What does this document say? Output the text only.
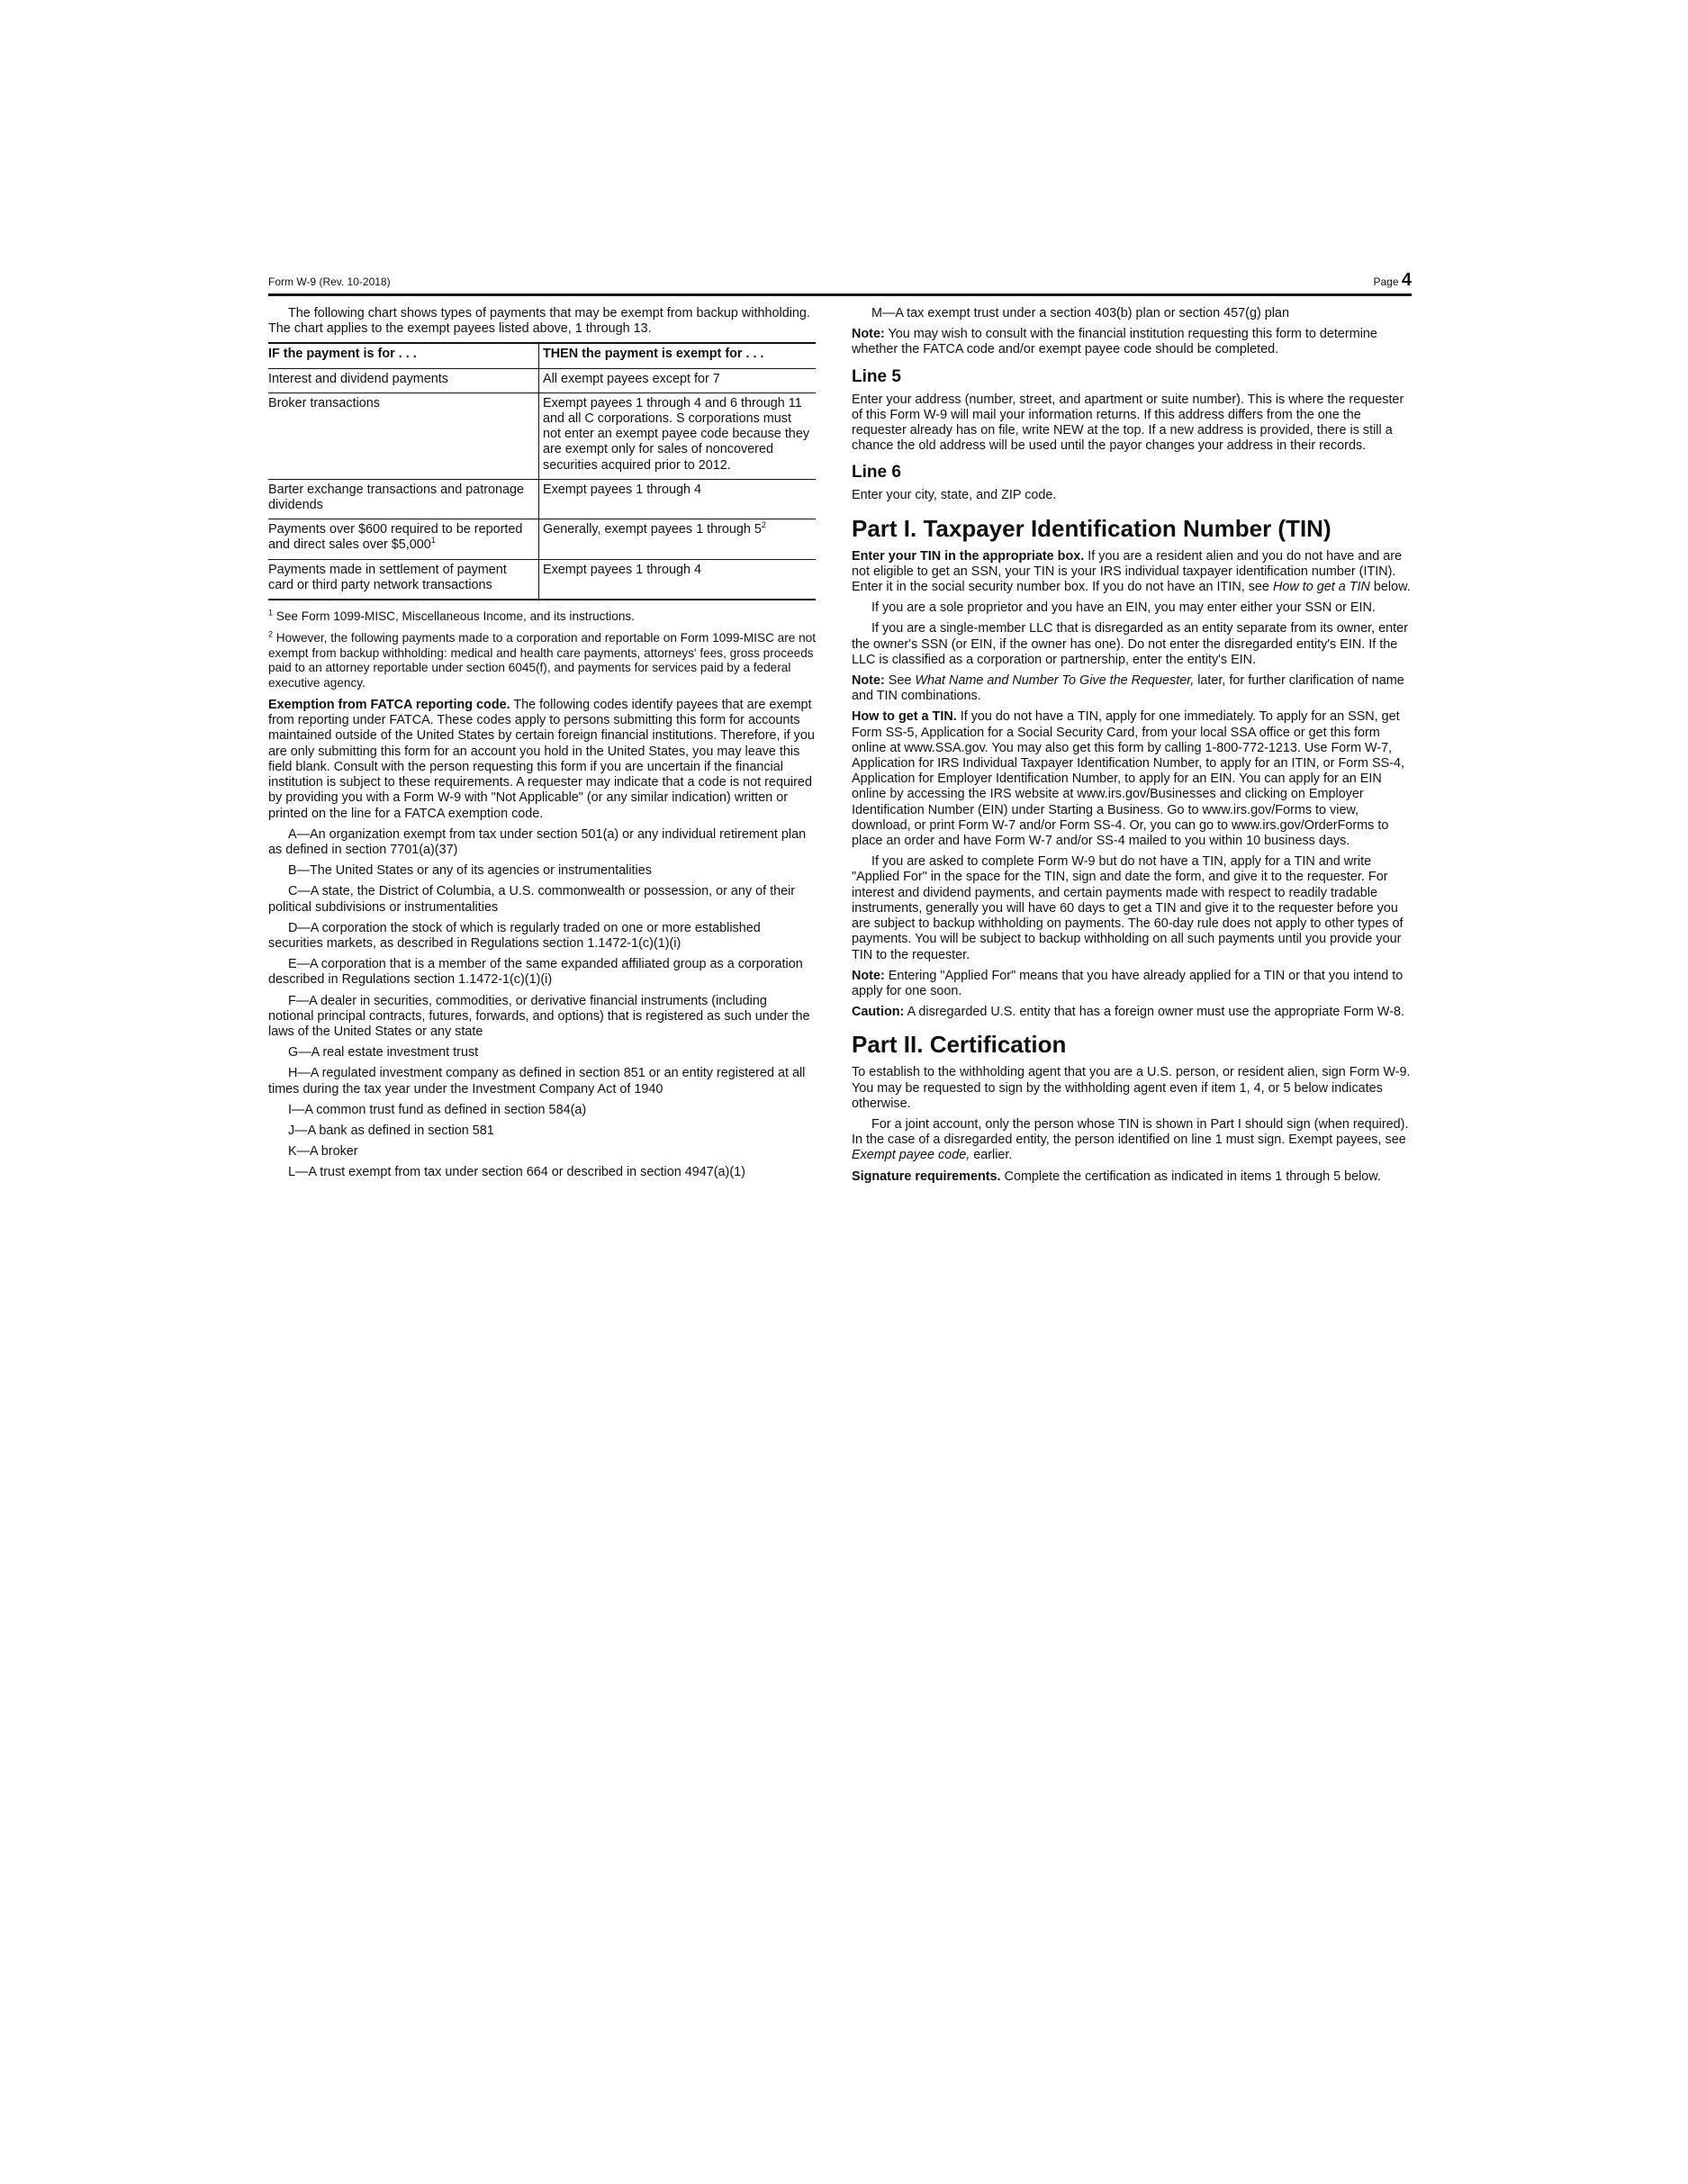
Form W-9 (Rev. 10-2018)	Page 4

The following chart shows types of payments that may be exempt from backup withholding. The chart applies to the exempt payees listed above, 1 through 13.

IF the payment is for . . .	THEN the payment is exempt for . . .
Interest and dividend payments	All exempt payees except for 7
Broker transactions	Exempt payees 1 through 4 and 6 through 11 and all C corporations. S corporations must not enter an exempt payee code because they are exempt only for sales of noncovered securities acquired prior to 2012.
Barter exchange transactions and patronage dividends	Exempt payees 1 through 4
Payments over $600 required to be reported and direct sales over $5,000$^1$	Generally, exempt payees 1 through $5^2$
Payments made in settlement of payment card or third party network transactions	Exempt payees 1 through 4

$^1$ See Form 1099-MISC, Miscellaneous Income, and its instructions.

$^2$ However, the following payments made to a corporation and reportable on Form 1099-MISC are not exempt from backup withholding: medical and health care payments, attorneys' fees, gross proceeds paid to an attorney reportable under section 6045(f), and payments for services paid by a federal executive agency.

Exemption from FATCA reporting code. The following codes identify payees that are exempt from reporting under FATCA. These codes apply to persons submitting this form for accounts maintained outside of the United States by certain foreign financial institutions. Therefore, if you are only submitting this form for an account you hold in the United States, you may leave this field blank. Consult with the person requesting this form if you are uncertain if the financial institution is subject to these requirements. A requester may indicate that a code is not required by providing you with a Form W-9 with "Not Applicable" (or any similar indication) written or printed on the line for a FATCA exemption code.

A—An organization exempt from tax under section 501(a) or any individual retirement plan as defined in section 7701(a)(37)

B—The United States or any of its agencies or instrumentalities

C—A state, the District of Columbia, a U.S. commonwealth or possession, or any of their political subdivisions or instrumentalities

D—A corporation the stock of which is regularly traded on one or more established securities markets, as described in Regulations section 1.1472-1(c)(1)(i)

E—A corporation that is a member of the same expanded affiliated group as a corporation described in Regulations section 1.1472-1(c)(1)(i)

F—A dealer in securities, commodities, or derivative financial instruments (including notional principal contracts, futures, forwards, and options) that is registered as such under the laws of the United States or any state

G—A real estate investment trust

H—A regulated investment company as defined in section 851 or an entity registered at all times during the tax year under the Investment Company Act of 1940

I—A common trust fund as defined in section 584(a)

J—A bank as defined in section 581

K—A broker

L—A trust exempt from tax under section 664 or described in section 4947(a)(1)

M—A tax exempt trust under a section 403(b) plan or section 457(g) plan

Note: You may wish to consult with the financial institution requesting this form to determine whether the FATCA code and/or exempt payee code should be completed.

Line 5

Enter your address (number, street, and apartment or suite number). This is where the requester of this Form W-9 will mail your information returns. If this address differs from the one the requester already has on file, write NEW at the top. If a new address is provided, there is still a chance the old address will be used until the payor changes your address in their records.

Line 6

Enter your city, state, and ZIP code.

Part I. Taxpayer Identification Number (TIN)

Enter your TIN in the appropriate box. If you are a resident alien and you do not have and are not eligible to get an SSN, your TIN is your IRS individual taxpayer identification number (ITIN). Enter it in the social security number box. If you do not have an ITIN, see How to get a TIN below.

If you are a sole proprietor and you have an EIN, you may enter either your SSN or EIN.

If you are a single-member LLC that is disregarded as an entity separate from its owner, enter the owner's SSN (or EIN, if the owner has one). Do not enter the disregarded entity's EIN. If the LLC is classified as a corporation or partnership, enter the entity's EIN.

Note: See What Name and Number To Give the Requester, later, for further clarification of name and TIN combinations.

How to get a TIN. If you do not have a TIN, apply for one immediately. To apply for an SSN, get Form SS-5, Application for a Social Security Card, from your local SSA office or get this form online at www.SSA.gov. You may also get this form by calling 1-800-772-1213. Use Form W-7, Application for IRS Individual Taxpayer Identification Number, to apply for an ITIN, or Form SS-4, Application for Employer Identification Number, to apply for an EIN. You can apply for an EIN online by accessing the IRS website at www.irs.gov/Businesses and clicking on Employer Identification Number (EIN) under Starting a Business. Go to www.irs.gov/Forms to view, download, or print Form W-7 and/or Form SS-4. Or, you can go to www.irs.gov/OrderForms to place an order and have Form W-7 and/or SS-4 mailed to you within 10 business days.

If you are asked to complete Form W-9 but do not have a TIN, apply for a TIN and write "Applied For" in the space for the TIN, sign and date the form, and give it to the requester. For interest and dividend payments, and certain payments made with respect to readily tradable instruments, generally you will have 60 days to get a TIN and give it to the requester before you are subject to backup withholding on payments. The 60-day rule does not apply to other types of payments. You will be subject to backup withholding on all such payments until you provide your TIN to the requester.

Note: Entering "Applied For" means that you have already applied for a TIN or that you intend to apply for one soon.

Caution: A disregarded U.S. entity that has a foreign owner must use the appropriate Form W-8.

Part II. Certification

To establish to the withholding agent that you are a U.S. person, or resident alien, sign Form W-9. You may be requested to sign by the withholding agent even if item 1, 4, or 5 below indicates otherwise.

For a joint account, only the person whose TIN is shown in Part I should sign (when required). In the case of a disregarded entity, the person identified on line 1 must sign. Exempt payees, see Exempt payee code, earlier.

Signature requirements. Complete the certification as indicated in items 1 through 5 below.
